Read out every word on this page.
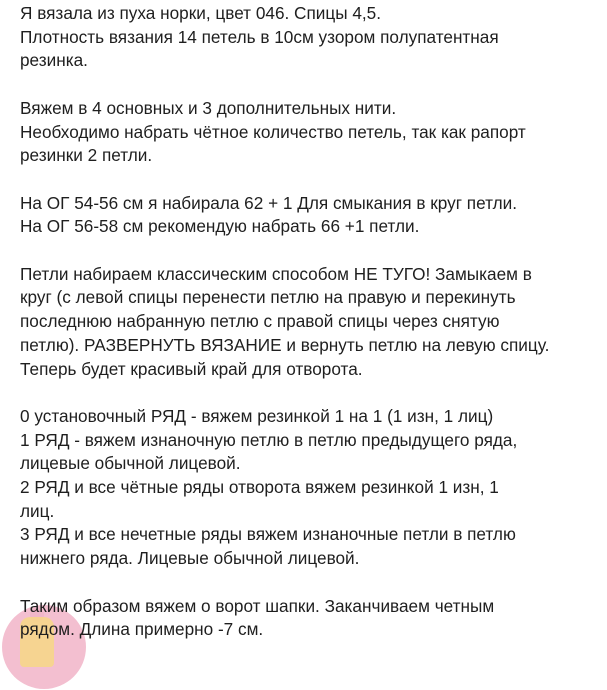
Я вязала из пуха норки, цвет 046. Спицы 4,5.
Плотность вязания 14 петель в 10см узором полупатентная
резинка.
Вяжем в 4 основных и 3 дополнительных нити.
Необходимо набрать чётное количество петель, так как рапорт
резинки 2 петли.
На ОГ 54-56 см я набирала 62 + 1 Для смыкания в круг петли.
На ОГ 56-58 см рекомендую набрать 66 +1 петли.
Петли набираем классическим способом НЕ ТУГО! Замыкаем в
круг (с левой спицы перенести петлю на правую и перекинуть
последнюю набранную петлю с правой спицы через снятую
петлю). РАЗВЕРНУТЬ ВЯЗАНИЕ и вернуть петлю на левую спицу.
Теперь будет красивый край для отворота.
0 установочный РЯД - вяжем резинкой 1 на 1 (1 изн, 1 лиц)
1 РЯД - вяжем изнаночную петлю в петлю предыдущего ряда,
лицевые обычной лицевой.
2 РЯД и все чётные ряды отворота вяжем резинкой 1 изн, 1
лиц.
3 РЯД и все нечетные ряды вяжем изнаночные петли в петлю
нижнего ряда. Лицевые обычной лицевой.
Таким образом вяжем о ворот шапки. Заканчиваем четным
рядом. Длина примерно -7 см.
